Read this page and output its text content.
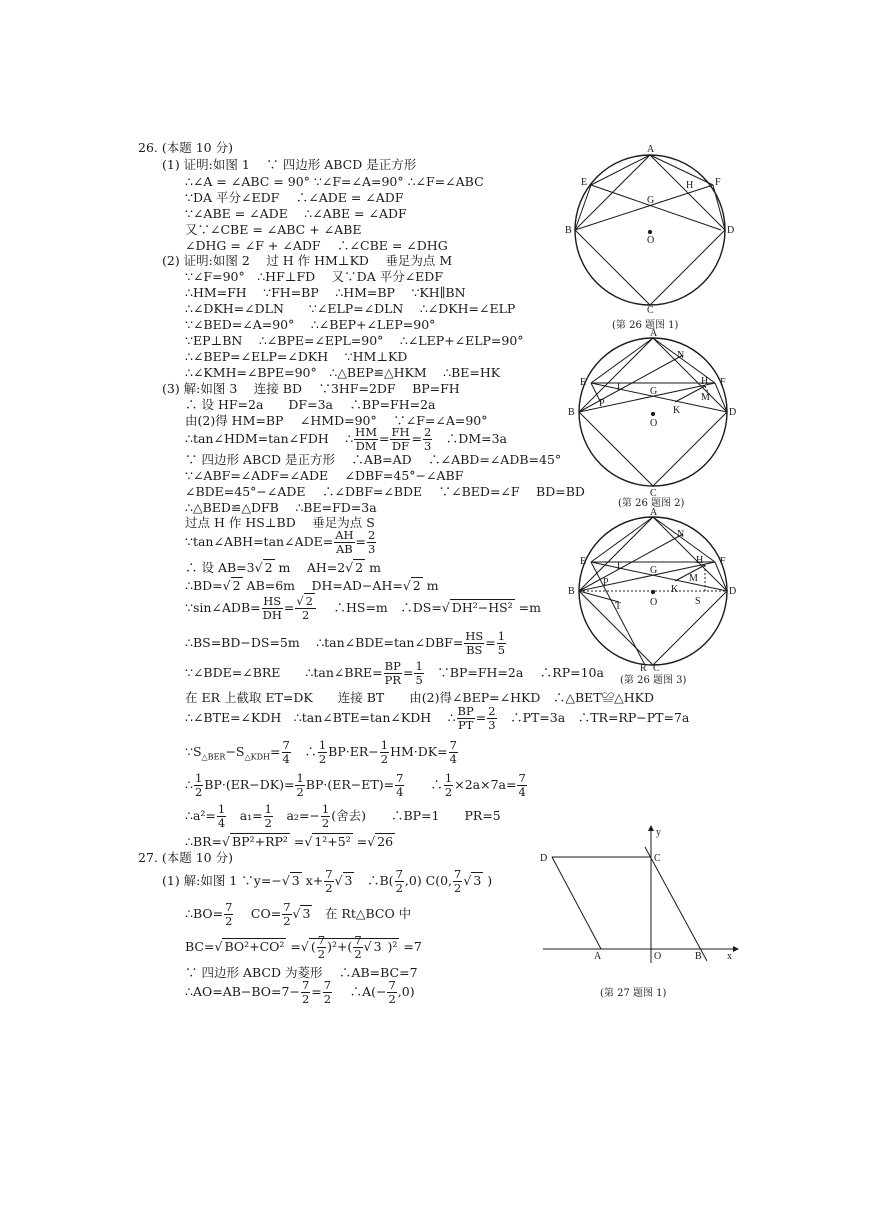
26. (本题 10 分)
(1) 证明:如图 1 　∵ 四边形 ABCD 是正方形
∴∠A = ∠ABC = 90° ∵∠F=∠A=90° ∴∠F=∠ABC
∵DA 平分∠EDF　 ∴∠ADE = ∠ADF
∵∠ABE = ∠ADE　 ∴∠ABE = ∠ADF
又∵∠CBE = ∠ABC + ∠ABE
∠DHG = ∠F + ∠ADF　 ∴∠CBE = ∠DHG
(2) 证明:如图 2　 过 H 作 HM⊥KD　 垂足为点 M
∵∠F=90°　∴HF⊥FD　 又∵DA 平分∠EDF
∴HM=FH　 ∵FH=BP　 ∴HM=BP　 ∵KH∥BN
∴∠DKH=∠DLN　　∵∠ELP=∠DLN　 ∴∠DKH=∠ELP
∵∠BED=∠A=90°　 ∴∠BEP+∠LEP=90°
∵EP⊥BN　 ∴∠BPE=∠EPL=90°　 ∴∠LEP+∠ELP=90°
∴∠BEP=∠ELP=∠DKH　 ∵HM⊥KD
∴∠KMH=∠BPE=90°　∴△BEP≌△HKM　 ∴BE=HK
(3) 解:如图 3　 连接 BD　 ∵3HF=2DF　 BP=FH
∴ 设 HF=2a　　DF=3a　 ∴BP=FH=2a
由(2)得 HM=BP　 ∠HMD=90°　 ∵∠F=∠A=90°
∴tan∠HDM=tan∠FDH　 ∴ $\frac{HM}{DM} = \frac{FH}{DF} = \frac{2}{3}$ 　∴DM=3a
∵ 四边形 ABCD 是正方形　 ∴AB=AD　 ∴∠ABD=∠ADB=45°
∵∠ABF=∠ADF=∠ADE　 ∠DBF=45°−∠ABF
∠BDE=45°−∠ADE　 ∴∠DBF=∠BDE　 ∵∠BED=∠F　 BD=BD
∴△BED≌△DFB　 ∴BE=FD=3a
过点 H 作 HS⊥BD　 垂足为点 S
∵tan∠ABH=tan∠ADE= $\frac{AH}{AB} = \frac{2}{3}$
∴ 设 AB=3√ 2 m　 AH=2√ 2 m
∴BD=√ 2 AB=6m　 DH=AD−AH=√ 2 m
∵sin∠ADB= $\frac{HS}{DH} = \frac{√ 2}{2}$ 　 ∴HS=m　∴DS=√ DH²−HS² =m
∴BS=BD−DS=5m　 ∴tan∠BDE=tan∠DBF= $\frac{HS}{BS} = \frac{1}{5}$
∵∠BDE=∠BRE　　∴tan∠BRE= $\frac{BP}{PR} = \frac{1}{5}$ 　∵BP=FH=2a　 ∴RP=10a
在 ER 上截取 ET=DK　　连接 BT　　由(2)得∠BEP=∠HKD　∴△BET≌△HKD
∴∠BTE=∠KDH　∴tan∠BTE=tan∠KDH　 ∴ $\frac{BP}{PT} = \frac{2}{3}$ 　∴PT=3a　∴TR=RP−PT=7a
$\because S_{\triangle BER}-S_{\triangle KDH}= \frac{7}{4}$ 　∴ $\frac{1}{2} BP\cdot ER- \frac{1}{2} HM\cdot DK= \frac{7}{4}$
∴ $\frac{1}{2} BP\cdot(ER-DK)= \frac{1}{2} BP\cdot(ER-ET)= \frac{7}{4}$ 　　∴ $\frac{1}{2} \times 2a\times 7a= \frac{7}{4}$
∴a²= $\frac{1}{4}$ 　$a_1= \frac{1}{2}$ 　$a_2=- \frac{1}{2}$ (舍去)　　∴BP=1　　PR=5
∴BR=√ BP²+RP² =√ 1²+5² =√ 26
27. (本题 10 分)
(1) 解:如图 1 ∵y=−√ 3 $x+ \frac{7}{2}$ √ 3　∴B( $\frac{7}{2} ,0$) C(0, $\frac{7}{2}$ √ 3 )
∴BO= $\frac{7}{2}$ 　 $CO= \frac{7}{2}$ √ 3　在 Rt△BCO 中
BC=√ BO²+CO² =√ ( $\frac{7}{2} )^2+( \frac{7}{2}$ √ 3 )² =7
∵ 四边形 ABCD 为菱形　 ∴AB=BC=7
∴AO=AB−BO=7− $\frac{7}{2} = \frac{7}{2}$ 　 ∴A(− $\frac{7}{2} ,0$)
A
B
C
D
E	F
G
H
O
(第 26 题图 1)
A
B
C
D
E	F
G
H
O
N
L
P
K
M
(第 26 题图 2)
A
B
C
D
E	F
G
H
O
N
L
P
K
M
T	S
R
(第 26 题图 3)
D	C
A	O	B	x
y
(第 27 题图 1)
